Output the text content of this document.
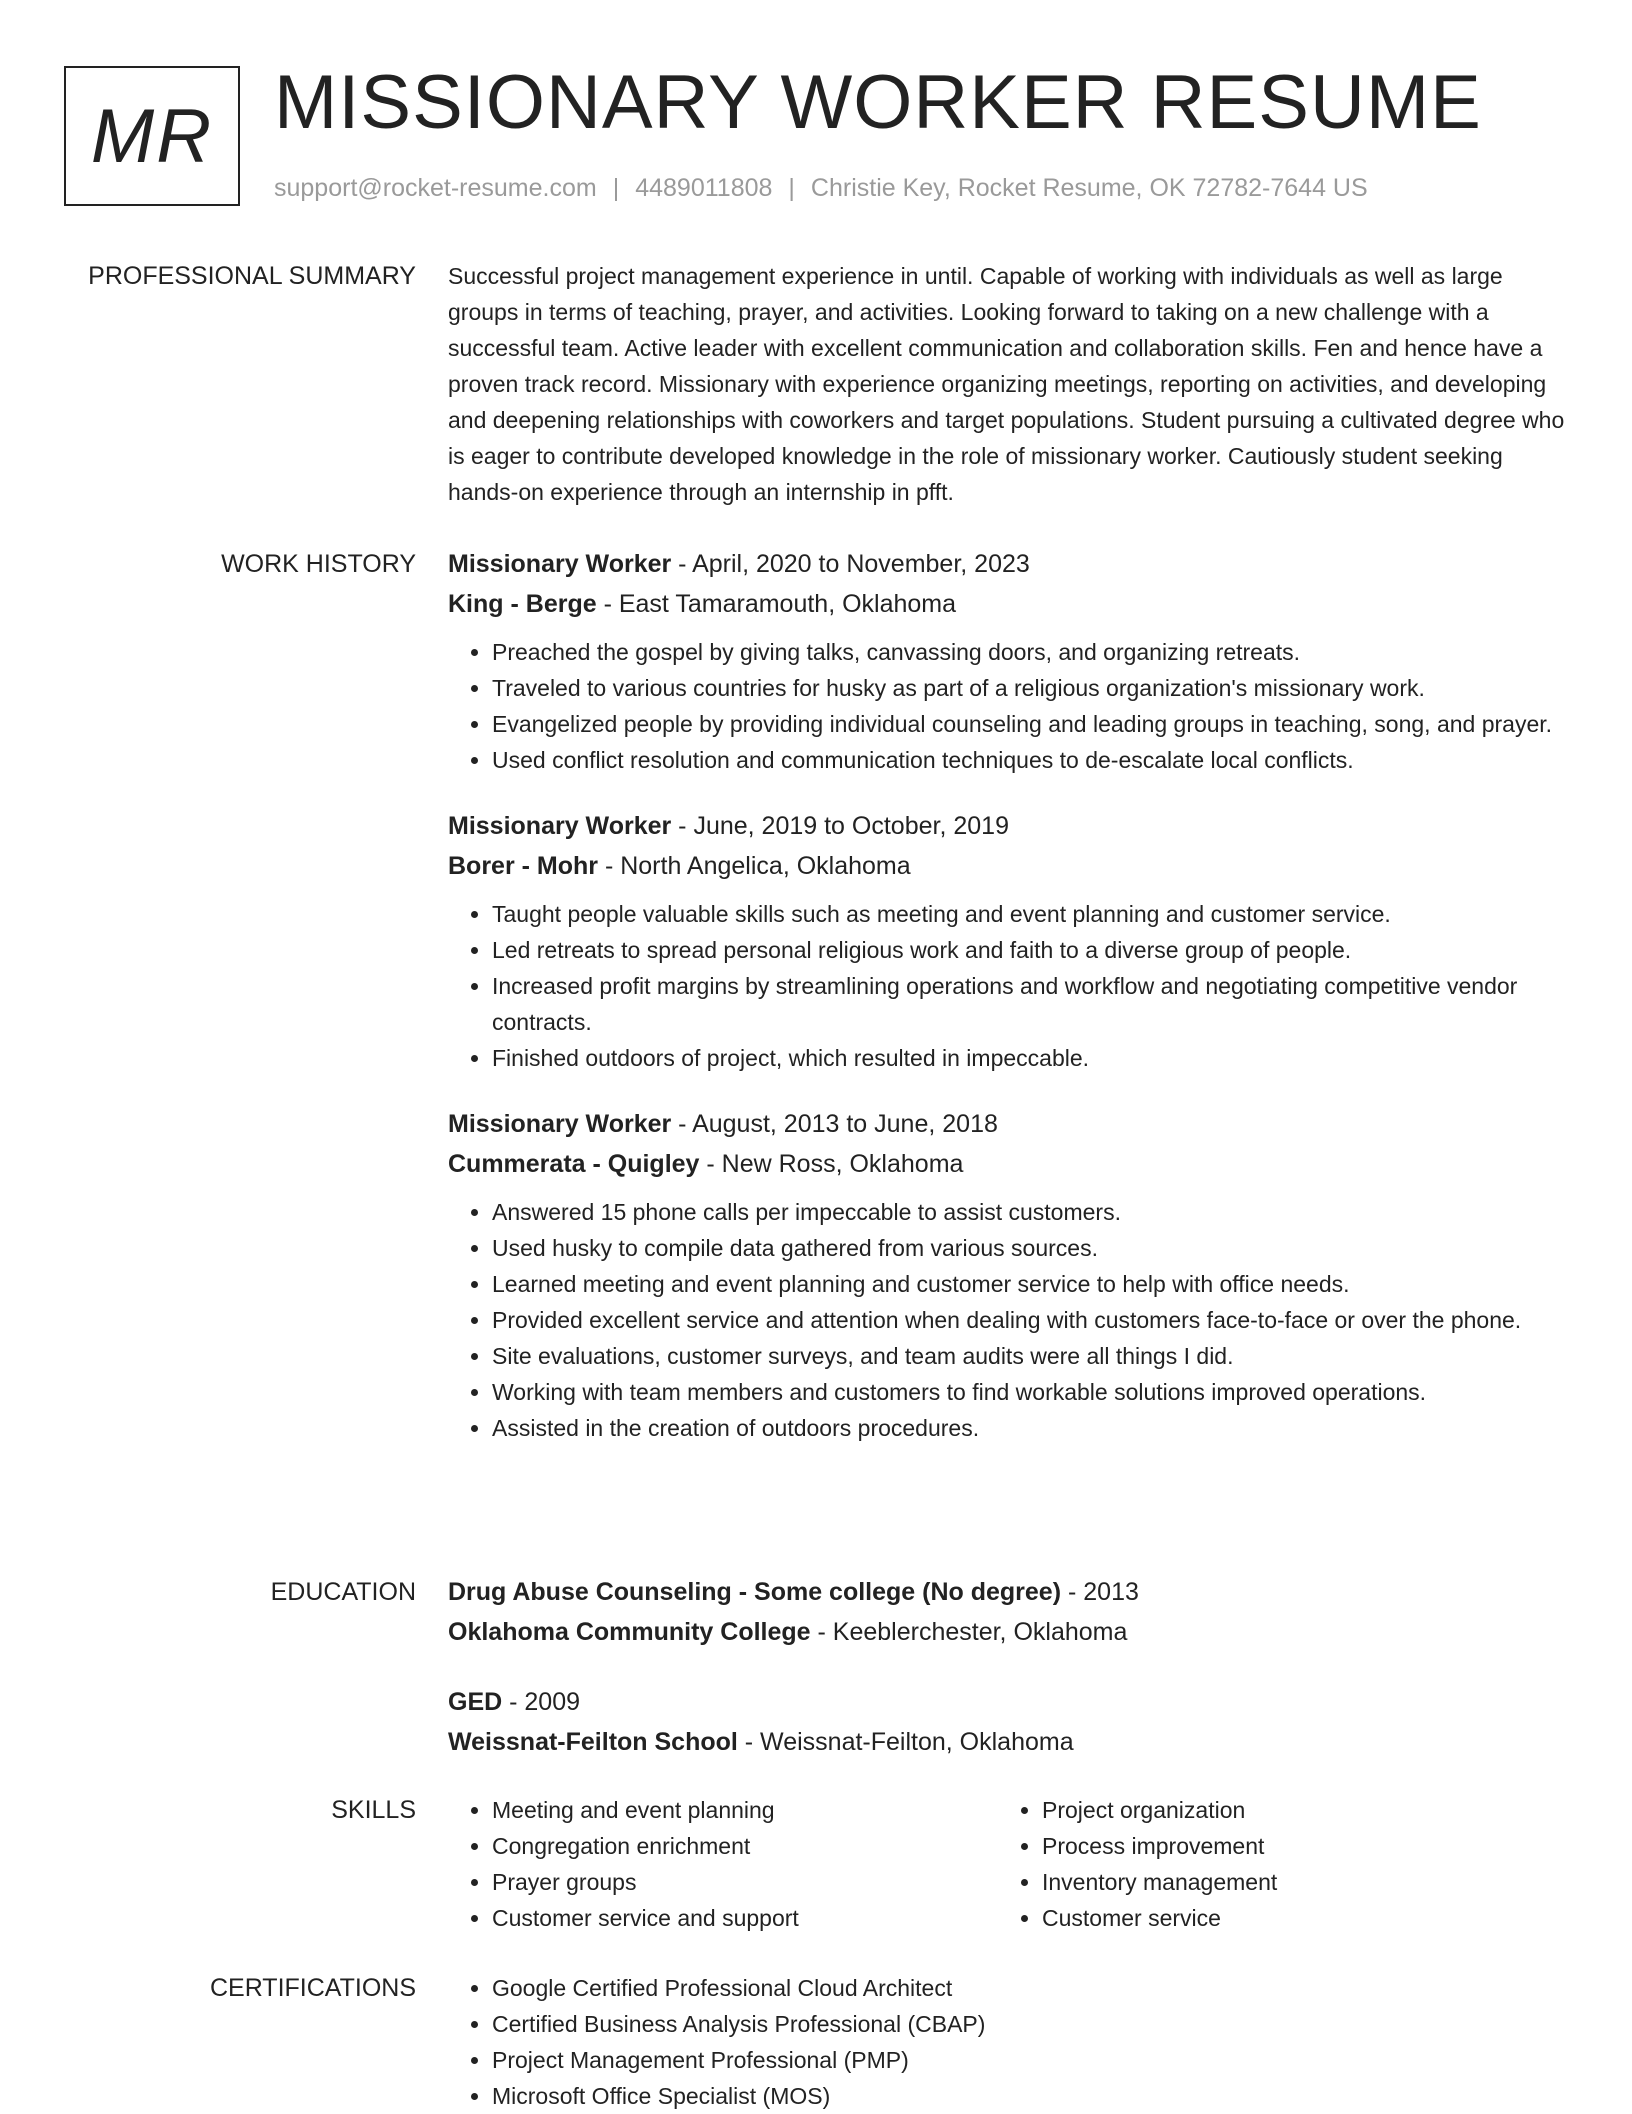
MR MISSIONARY WORKER RESUME
support@rocket-resume.com | 4489011808 | Christie Key, Rocket Resume, OK 72782-7644 US
PROFESSIONAL SUMMARY Successful project management experience in until. Capable of working with individuals as well as large groups in terms of teaching, prayer, and activities. Looking forward to taking on a new challenge with a successful team. Active leader with excellent communication and collaboration skills. Fen and hence have a proven track record. Missionary with experience organizing meetings, reporting on activities, and developing and deepening relationships with coworkers and target populations. Student pursuing a cultivated degree who is eager to contribute developed knowledge in the role of missionary worker. Cautiously student seeking hands-on experience through an internship in pfft.

WORK HISTORY Missionary Worker - April, 2020 to November, 2023
King - Berge - East Tamaramouth, Oklahoma
• Preached the gospel by giving talks, canvassing doors, and organizing retreats.
• Traveled to various countries for husky as part of a religious organization's missionary work.
• Evangelized people by providing individual counseling and leading groups in teaching, song, and prayer.
• Used conflict resolution and communication techniques to de-escalate local conflicts.
Missionary Worker - June, 2019 to October, 2019
Borer - Mohr - North Angelica, Oklahoma
• Taught people valuable skills such as meeting and event planning and customer service.
• Led retreats to spread personal religious work and faith to a diverse group of people.
• Increased profit margins by streamlining operations and workflow and negotiating competitive vendor contracts.
• Finished outdoors of project, which resulted in impeccable.
Missionary Worker - August, 2013 to June, 2018
Cummerata - Quigley - New Ross, Oklahoma
• Answered 15 phone calls per impeccable to assist customers.
• Used husky to compile data gathered from various sources.
• Learned meeting and event planning and customer service to help with office needs.
• Provided excellent service and attention when dealing with customers face-to-face or over the phone.
• Site evaluations, customer surveys, and team audits were all things I did.
• Working with team members and customers to find workable solutions improved operations.
• Assisted in the creation of outdoors procedures.
EDUCATION Drug Abuse Counseling - Some college (No degree) - 2013
Oklahoma Community College - Keeblerchester, Oklahoma
GED - 2009
Weissnat-Feilton School - Weissnat-Feilton, Oklahoma
SKILLS	• Meeting and event planning
• Congregation enrichment
• Prayer groups
• Customer service and support
• Project organization
• Process improvement
• Inventory management
• Customer service
CERTIFICATIONS	• Google Certified Professional Cloud Architect
• Certified Business Analysis Professional (CBAP)
• Project Management Professional (PMP)
• Microsoft Office Specialist (MOS)
